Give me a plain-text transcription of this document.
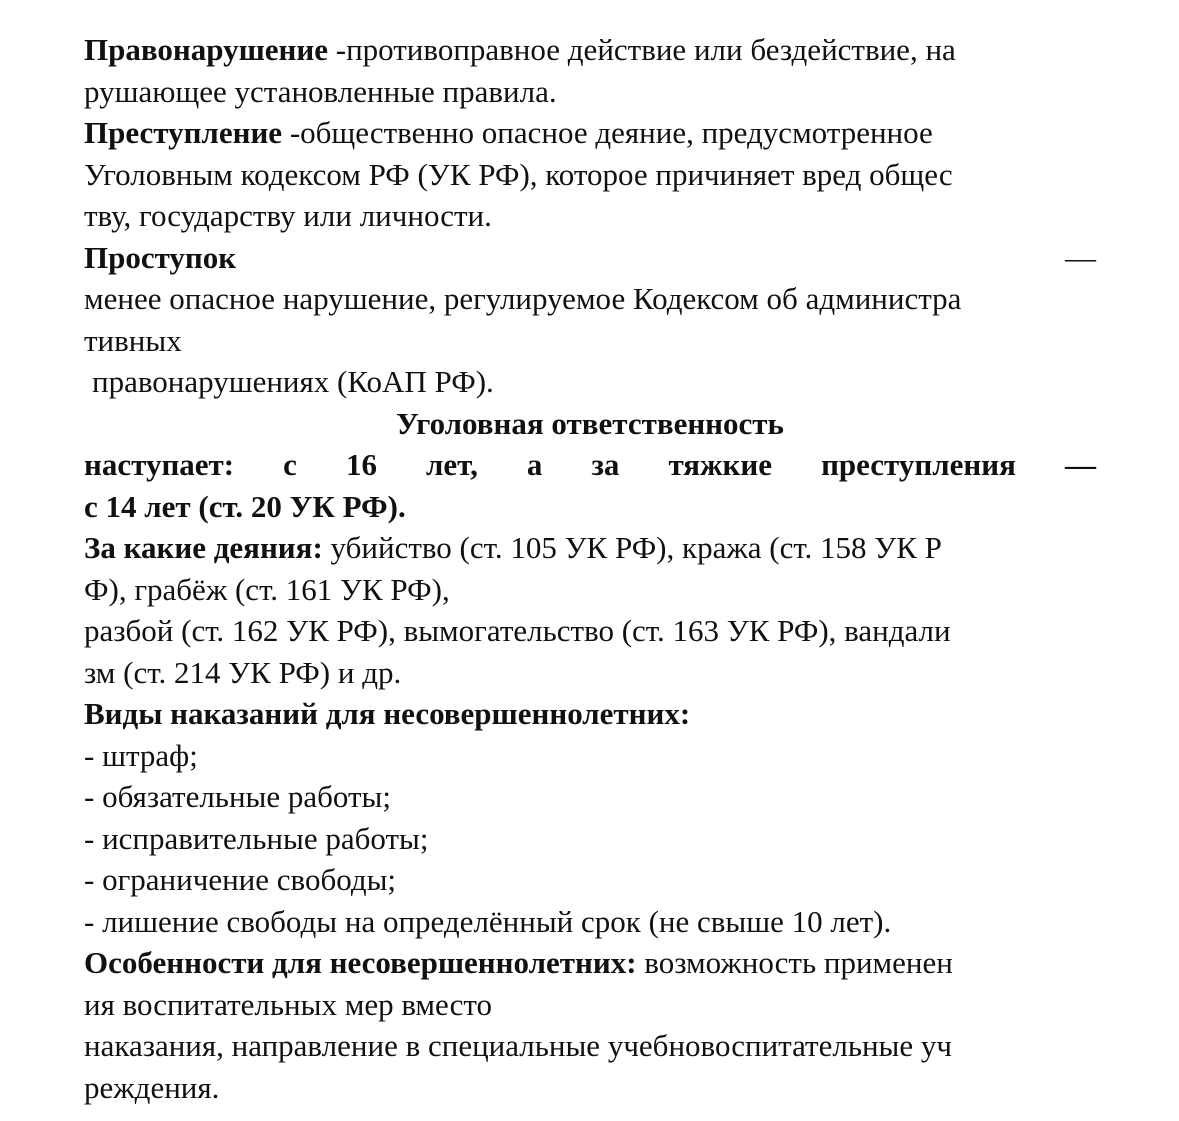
Правонарушение -противоправное действие или бездействие, на
рушающее установленные правила.
Преступление -общественно опасное деяние, предусмотренное
Уголовным кодексом РФ (УК РФ), которое причиняет вред общес
тву, государству или личности.
Проступок	—
менее опасное нарушение, регулируемое Кодексом об администра
тивных
правонарушениях (КоАП РФ).
Уголовная ответственность
наступает: с 16 лет, а за тяжкие преступления —
с 14 лет (ст. 20 УК РФ).
За какие деяния: убийство (ст. 105 УК РФ), кража (ст. 158 УК Р
Ф), грабёж (ст. 161 УК РФ),
разбой (ст. 162 УК РФ), вымогательство (ст. 163 УК РФ), вандали
зм (ст. 214 УК РФ) и др.
Виды наказаний для несовершеннолетних:
- штраф;
- обязательные работы;
- исправительные работы;
- ограничение свободы;
- лишение свободы на определённый срок (не свыше 10 лет).
Особенности для несовершеннолетних: возможность применен
ия воспитательных мер вместо
наказания, направление в специальные учебновоспитательные уч
реждения.
